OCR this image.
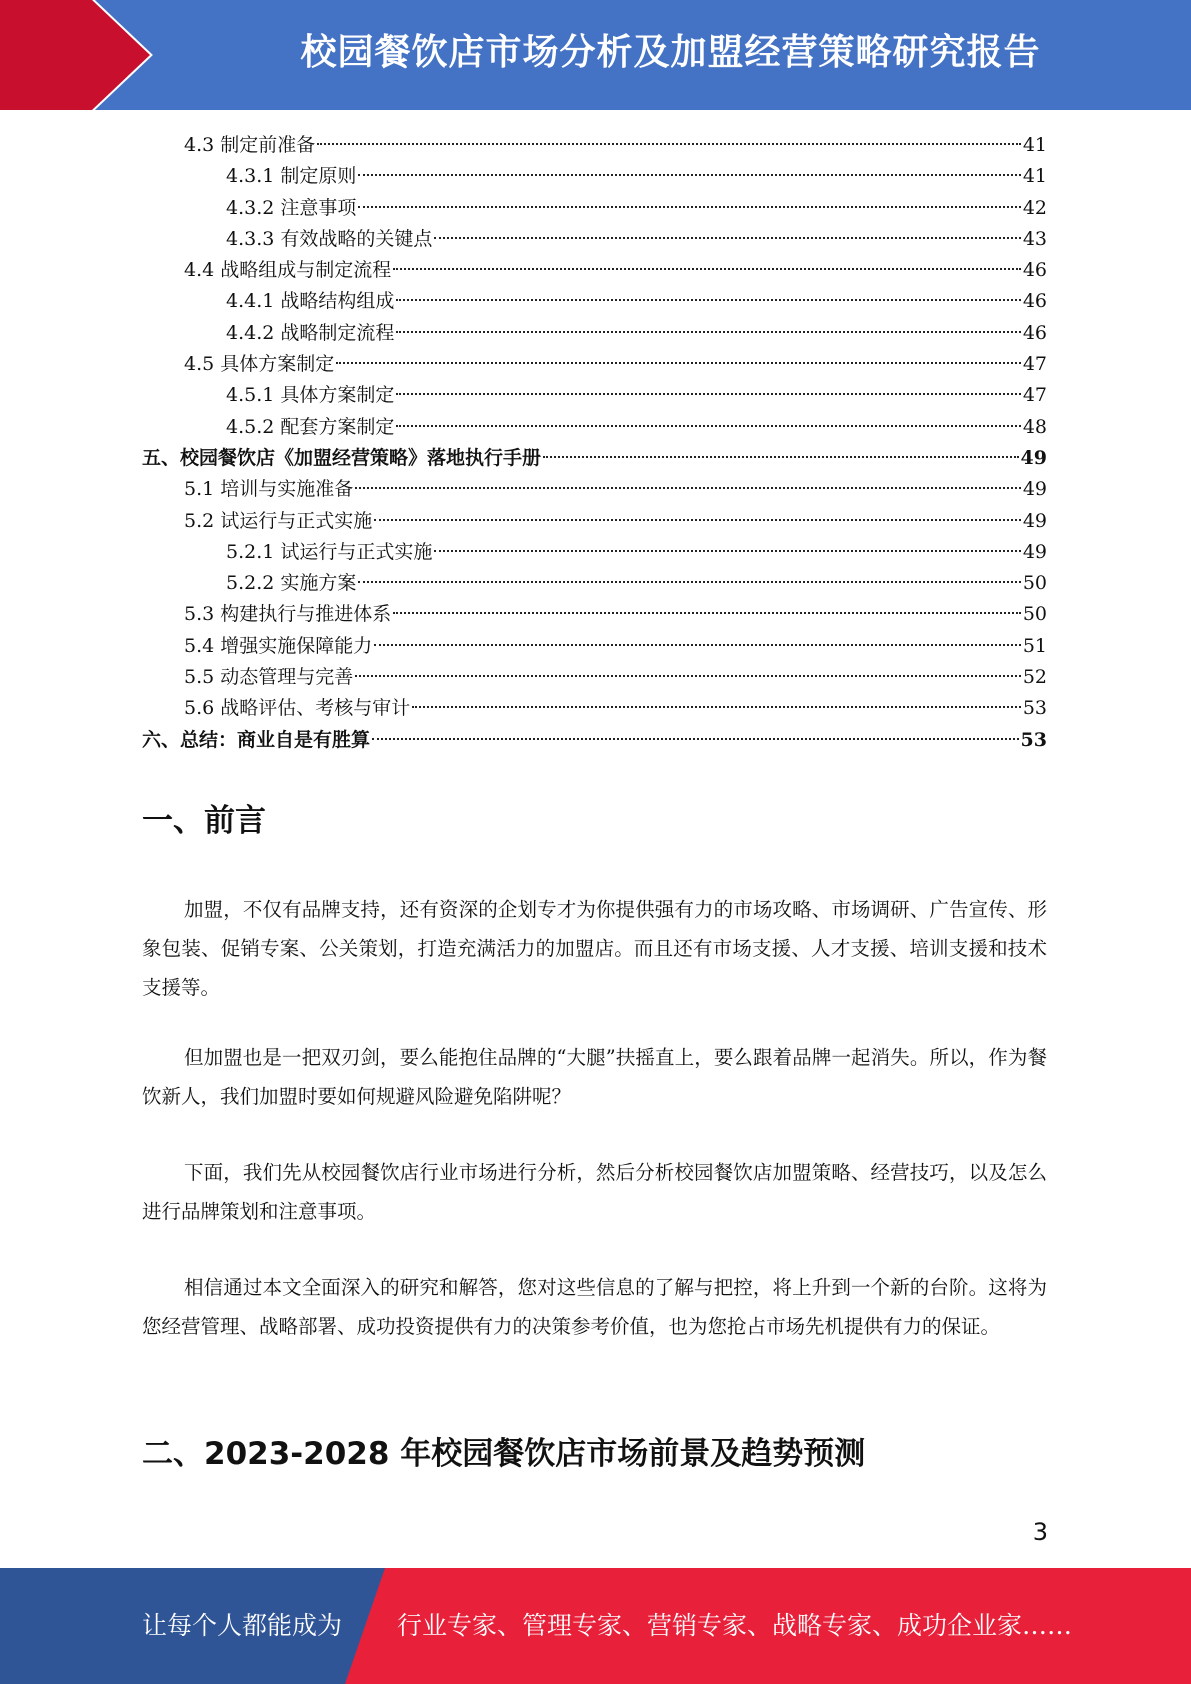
校园餐饮店市场分析及加盟经营策略研究报告
4.3 制定前准备	41
4.3.1 制定原则	41
4.3.2 注意事项	42
4.3.3 有效战略的关键点	43
4.4 战略组成与制定流程	46
4.4.1 战略结构组成	46
4.4.2 战略制定流程	46
4.5 具体方案制定	47
4.5.1 具体方案制定	47
4.5.2 配套方案制定	48
五、校园餐饮店《加盟经营策略》落地执行手册	49
5.1 培训与实施准备	49
5.2 试运行与正式实施	49
5.2.1 试运行与正式实施	49
5.2.2 实施方案	50
5.3 构建执行与推进体系	50
5.4 增强实施保障能力	51
5.5 动态管理与完善	52
5.6 战略评估、考核与审计	53
六、总结：商业自是有胜算	53
一、前言

加盟，不仅有品牌支持，还有资深的企划专才为你提供强有力的市场攻略、市场调研、广告宣传、形象包装、促销专案、公关策划，打造充满活力的加盟店。而且还有市场支援、人才支援、培训支援和技术支援等。

但加盟也是一把双刃剑，要么能抱住品牌的“大腿”扶摇直上，要么跟着品牌一起消失。所以，作为餐饮新人，我们加盟时要如何规避风险避免陷阱呢？

下面，我们先从校园餐饮店行业市场进行分析，然后分析校园餐饮店加盟策略、经营技巧，以及怎么进行品牌策划和注意事项。

相信通过本文全面深入的研究和解答，您对这些信息的了解与把控，将上升到一个新的台阶。这将为您经营管理、战略部署、成功投资提供有力的决策参考价值，也为您抢占市场先机提供有力的保证。

二、2023-2028 年校园餐饮店市场前景及趋势预测
3
让每个人都能成为 行业专家、管理专家、营销专家、战略专家、成功企业家……
